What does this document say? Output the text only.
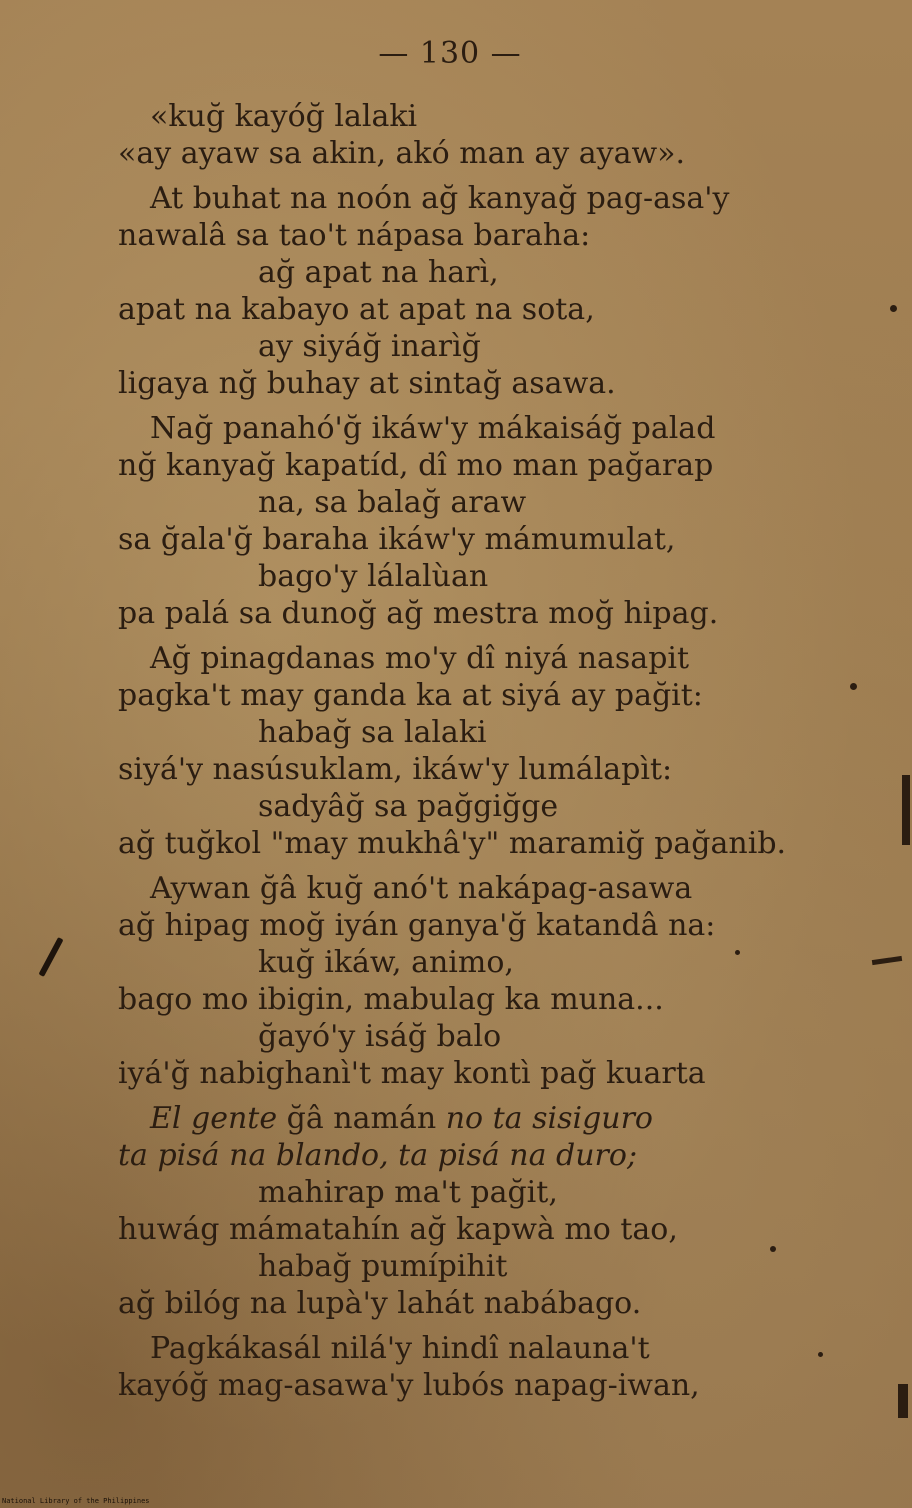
— 130 —
«kuğ kayóğ lalaki
«ay ayaw sa akin, akó man ay ayaw».
At buhat na noón ağ kanyağ pag-asa'y
nawalâ sa tao't nápasa baraha:
ağ apat na harì,
apat na kabayo at apat na sota,
ay siyáğ inarìğ
ligaya nğ buhay at sintağ asawa.
Nağ panahó'ğ ikáw'y mákaisáğ palad
nğ kanyağ kapatíd, dî mo man pağarap
na, sa balağ araw
sa ğala'ğ baraha ikáw'y mámumulat,
bago'y lálalùan
pa palá sa dunoğ ağ mestra moğ hipag.
Ağ pinagdanas mo'y dî niyá nasapit
pagka't may ganda ka at siyá ay pağit:
habağ sa lalaki
siyá'y nasúsuklam, ikáw'y lumálapìt:
sadyâğ sa pağgiğge
ağ tuğkol "may mukhâ'y" maramiğ pağanib.
Aywan ğâ kuğ anó't nakápag-asawa
ağ hipag moğ iyán ganya'ğ katandâ na:
kuğ ikáw, animo,
bago mo ibigin, mabulag ka muna...
ğayó'y isáğ balo
iyá'ğ nabighanì't may kontì pağ kuarta
El gente ğâ namán no ta sisiguro
ta pisá na blando, ta pisá na duro;
mahirap ma't pağit,
huwág mámatahín ağ kapwà mo tao,
habağ pumípihit
ağ bilóg na lupà'y lahát nabábago.
Pagkákasál nilá'y hindî nalauna't
kayóğ mag-asawa'y lubós napag-iwan,
National Library of the Philippines
